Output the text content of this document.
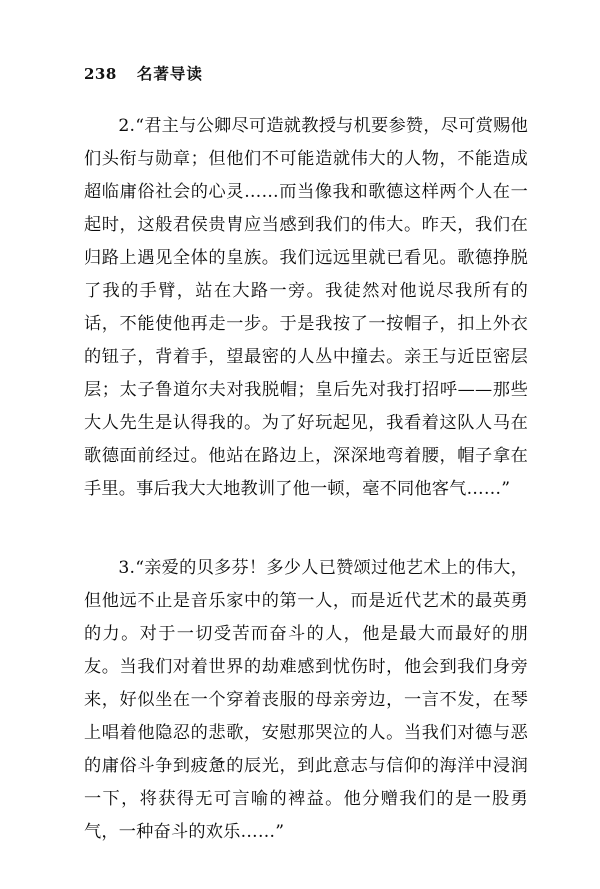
238 名著导读

2.“君主与公卿尽可造就教授与机要参赞，尽可赏赐他们头衔与勋章；但他们不可能造就伟大的人物，不能造成超临庸俗社会的心灵……而当像我和歌德这样两个人在一起时，这般君侯贵胄应当感到我们的伟大。昨天，我们在归路上遇见全体的皇族。我们远远里就已看见。歌德挣脱了我的手臂，站在大路一旁。我徒然对他说尽我所有的话，不能使他再走一步。于是我按了一按帽子，扣上外衣的钮子，背着手，望最密的人丛中撞去。亲王与近臣密层层；太子鲁道尔夫对我脱帽；皇后先对我打招呼——那些大人先生是认得我的。为了好玩起见，我看着这队人马在歌德面前经过。他站在路边上，深深地弯着腰，帽子拿在手里。事后我大大地教训了他一顿，毫不同他客气……”

3.“亲爱的贝多芬！多少人已赞颂过他艺术上的伟大，但他远不止是音乐家中的第一人，而是近代艺术的最英勇的力。对于一切受苦而奋斗的人，他是最大而最好的朋友。当我们对着世界的劫难感到忧伤时，他会到我们身旁来，好似坐在一个穿着丧服的母亲旁边，一言不发，在琴上唱着他隐忍的悲歌，安慰那哭泣的人。当我们对德与恶的庸俗斗争到疲惫的辰光，到此意志与信仰的海洋中浸润一下，将获得无可言喻的裨益。他分赠我们的是一股勇气，一种奋斗的欢乐……”
